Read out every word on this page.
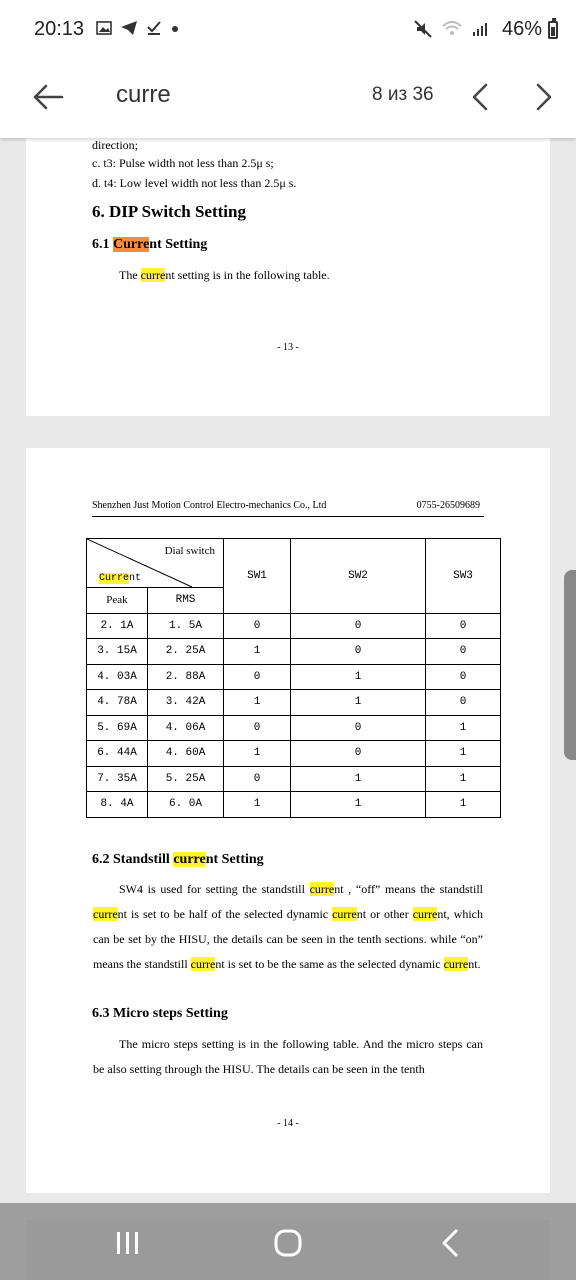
20:13	46%
curre	8 из 36
direction;
c. t3: Pulse width not less than 2.5μ s;
d. t4: Low level width not less than 2.5μ s.
6. DIP Switch Setting
6.1 Current Setting
The current setting is in the following table.
- 13 -
Shenzhen Just Motion Control Electro-mechanics Co., Ltd	0755-26509689
Dial switch
Current		SW1	SW2	SW3
Peak	RMS			
2. 1A	1. 5A	0	0	0
3. 15A	2. 25A	1	0	0
4. 03A	2. 88A	0	1	0
4. 78A	3. 42A	1	1	0
5. 69A	4. 06A	0	0	1
6. 44A	4. 60A	1	0	1
7. 35A	5. 25A	0	1	1
8. 4A	6. 0A	1	1	1
6.2 Standstill current Setting
SW4 is used for setting the standstill current , “off” means the standstill current is set to be half of the selected dynamic current or other current, which can be set by the HISU, the details can be seen in the tenth sections. while “on” means the standstill current is set to be the same as the selected dynamic current.
6.3 Micro steps Setting
The micro steps setting is in the following table. And the micro steps can be also setting through the HISU. The details can be seen in the tenth
- 14 -
